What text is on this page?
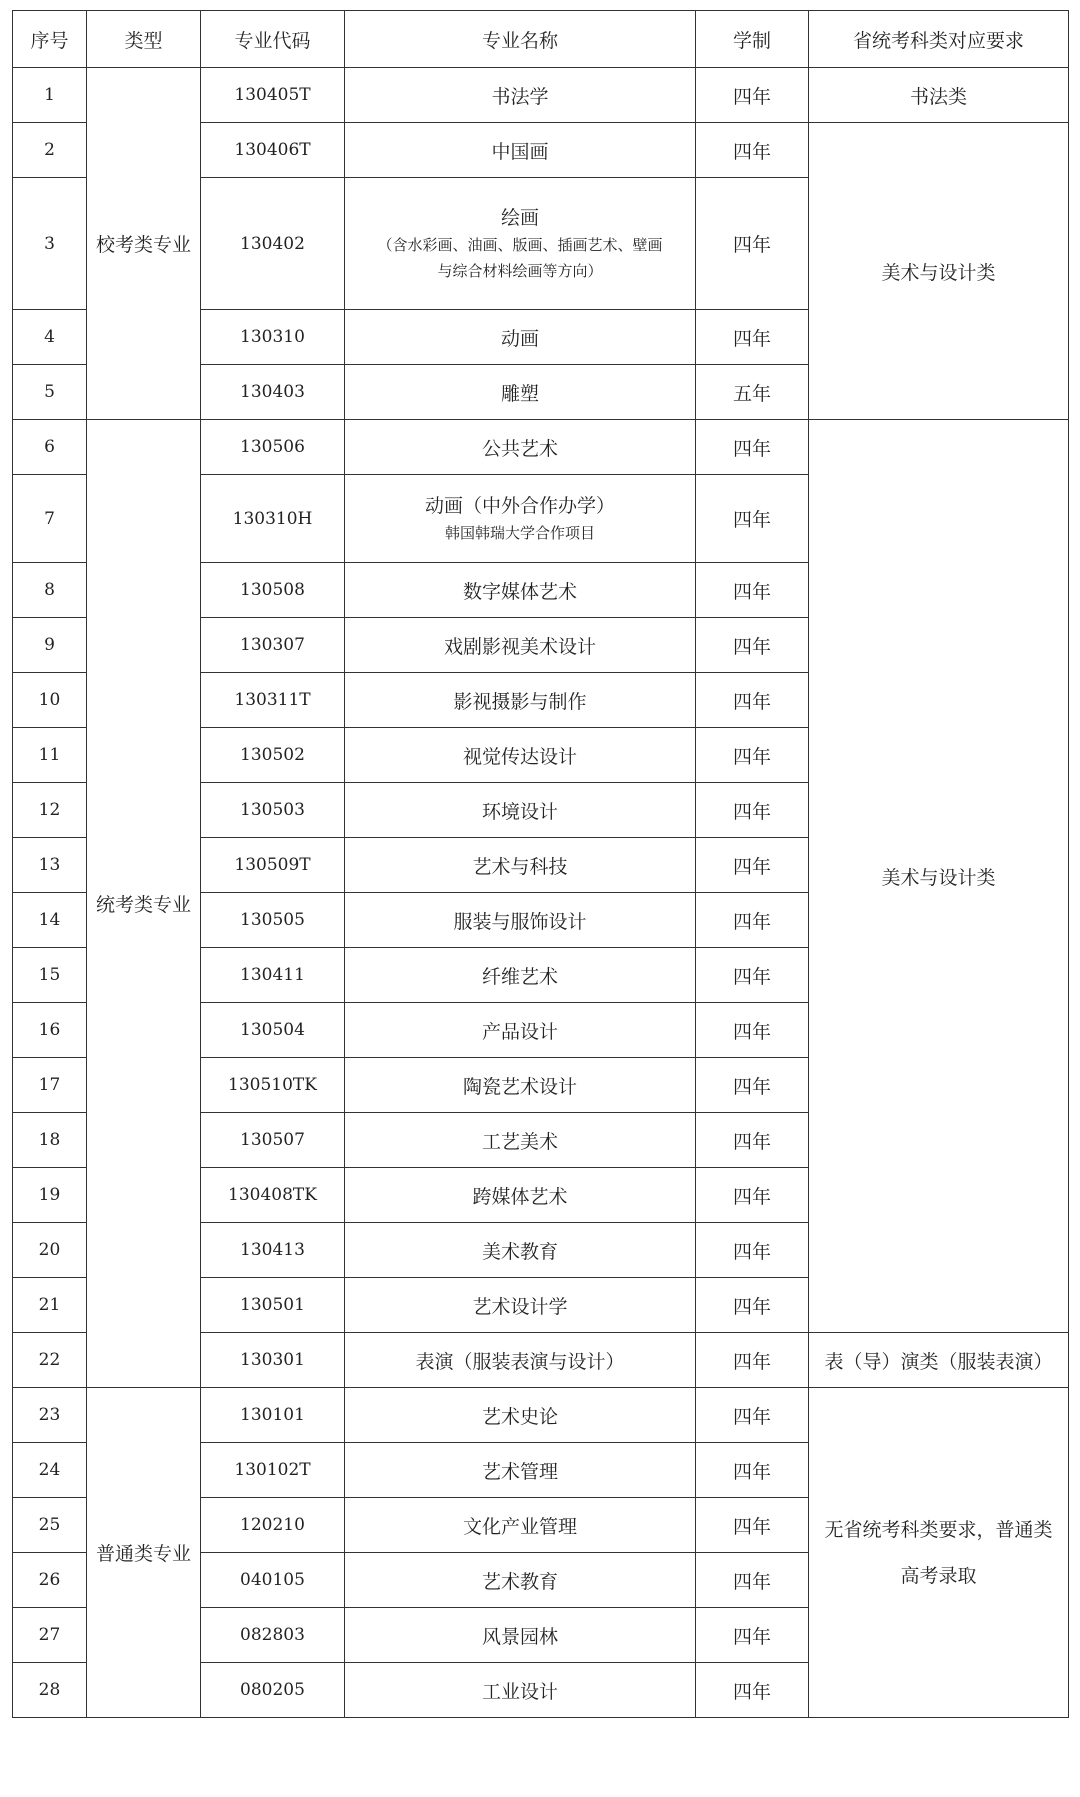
序号	类型	专业代码	专业名称	学制	省统考科类对应要求
1	校考类专业	130405T	书法学	四年	书法类
2		130406T	中国画	四年	美术与设计类
3		130402	绘画
（含水彩画、油画、版画、插画艺术、壁画
与综合材料绘画等方向）	四年	
4		130310	动画	四年	
5		130403	雕塑	五年	
6	统考类专业	130506	公共艺术	四年	美术与设计类
7		130310H	动画（中外合作办学）
韩国韩瑞大学合作项目	四年	
8		130508	数字媒体艺术	四年	
9		130307	戏剧影视美术设计	四年	
10		130311T	影视摄影与制作	四年	
11		130502	视觉传达设计	四年	
12		130503	环境设计	四年	
13		130509T	艺术与科技	四年	
14		130505	服装与服饰设计	四年	
15		130411	纤维艺术	四年	
16		130504	产品设计	四年	
17		130510TK	陶瓷艺术设计	四年	
18		130507	工艺美术	四年	
19		130408TK	跨媒体艺术	四年	
20		130413	美术教育	四年	
21		130501	艺术设计学	四年	
22		130301	表演（服装表演与设计）	四年	表（导）演类（服装表演）
23	普通类专业	130101	艺术史论	四年	无省统考科类要求，普通类
高考录取

24		130102T	艺术管理	四年	
25		120210	文化产业管理	四年	
26		040105	艺术教育	四年	
27		082803	风景园林	四年	
28		080205	工业设计	四年	
